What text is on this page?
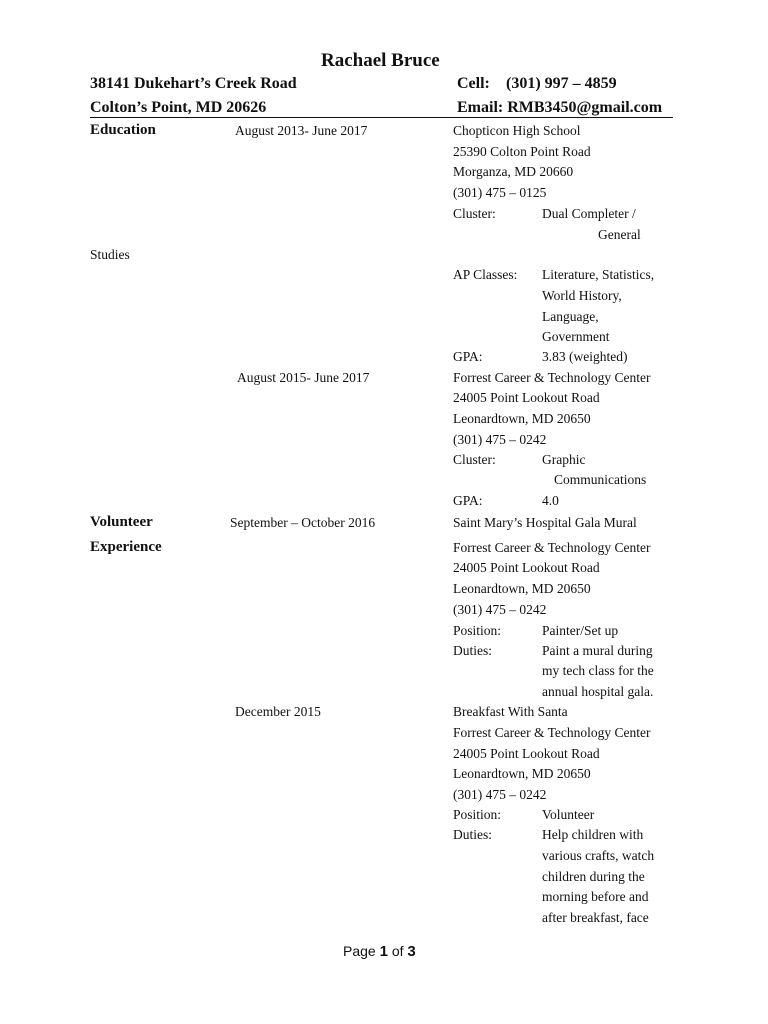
Rachael Bruce
38141 Dukehart’s Creek Road	Cell: (301) 997 – 4859
Colton’s Point, MD 20626	Email: RMB3450@gmail.com
Education	August 2013- June 2017	Chopticon High School
25390 Colton Point Road
Morganza, MD 20660
(301) 475 – 0125
Cluster:	Dual Completer /
General
Studies
AP Classes: Literature, Statistics,
World History,
Language,
Government
GPA:	3.83 (weighted)
August 2015- June 2017	Forrest Career & Technology Center
24005 Point Lookout Road
Leonardtown, MD 20650
(301) 475 – 0242
Cluster:	Graphic
Communications
GPA:	4.0
Volunteer
Experience
September – October 2016	Saint Mary’s Hospital Gala Mural
Forrest Career & Technology Center
24005 Point Lookout Road
Leonardtown, MD 20650
(301) 475 – 0242
Position:	Painter/Set up
Duties:	Paint a mural during
my tech class for the
annual hospital gala.
December 2015	Breakfast With Santa
Forrest Career & Technology Center
24005 Point Lookout Road
Leonardtown, MD 20650
(301) 475 – 0242
Position:	Volunteer
Duties:	Help children with
various crafts, watch
children during the
morning before and
after breakfast, face
Page 1 of 3
